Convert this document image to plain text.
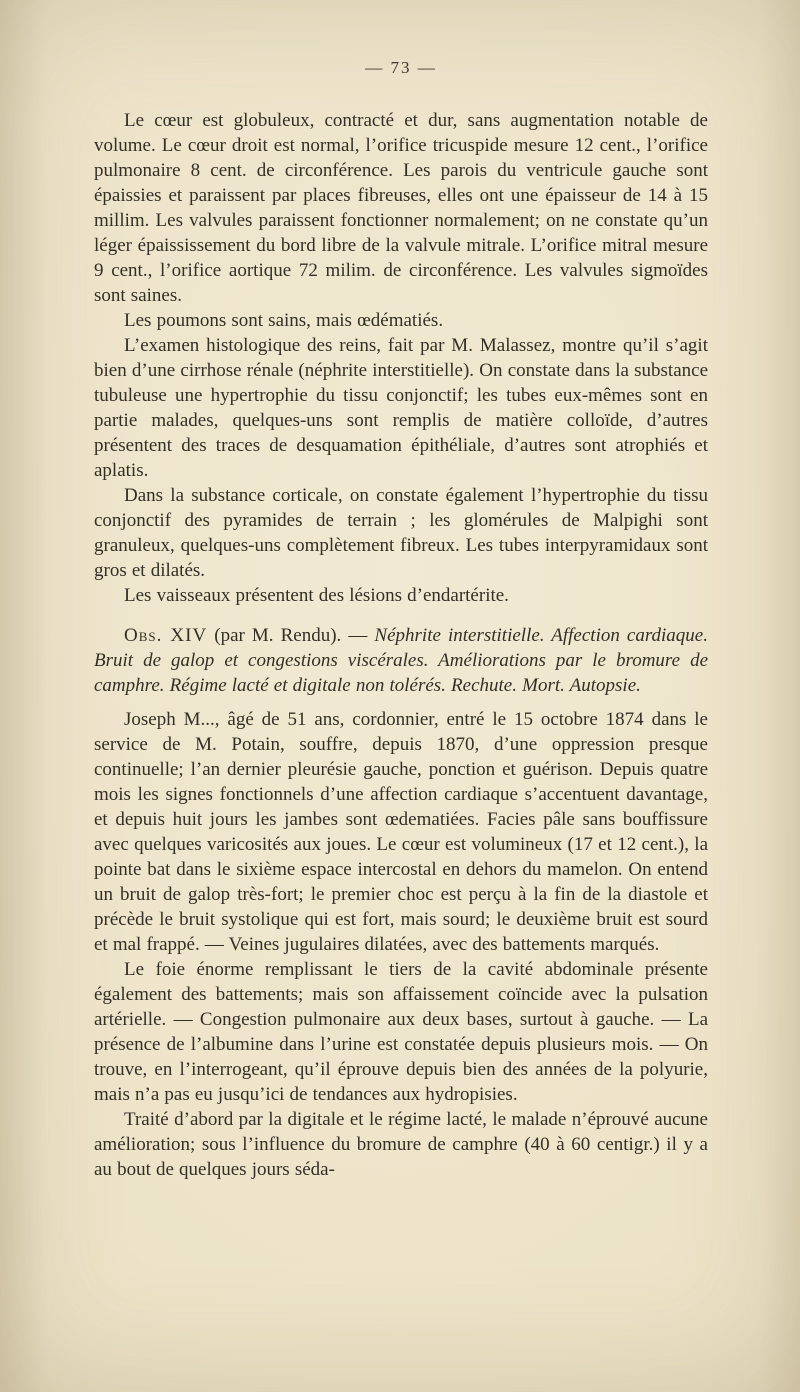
— 73 —

Le cœur est globuleux, contracté et dur, sans augmentation notable de volume. Le cœur droit est normal, l’orifice tricuspide mesure 12 cent., l’orifice pulmonaire 8 cent. de circonférence. Les parois du ventricule gauche sont épaissies et paraissent par places fibreuses, elles ont une épaisseur de 14 à 15 millim. Les valvules paraissent fonctionner normalement; on ne constate qu’un léger épaississement du bord libre de la valvule mitrale. L’orifice mitral mesure 9 cent., l’orifice aortique 72 milim. de circonférence. Les valvules sigmoïdes sont saines.

Les poumons sont sains, mais œdématiés.

L’examen histologique des reins, fait par M. Malassez, montre qu’il s’agit bien d’une cirrhose rénale (néphrite interstitielle). On constate dans la substance tubuleuse une hypertrophie du tissu conjonctif; les tubes eux-mêmes sont en partie malades, quelques-uns sont remplis de matière colloïde, d’autres présentent des traces de desquamation épithéliale, d’autres sont atrophiés et aplatis.

Dans la substance corticale, on constate également l’hypertrophie du tissu conjonctif des pyramides de terrain ; les glomérules de Malpighi sont granuleux, quelques-uns complètement fibreux. Les tubes interpyramidaux sont gros et dilatés.

Les vaisseaux présentent des lésions d’endartérite.

Obs. XIV (par M. Rendu). — Néphrite interstitielle. Affection cardiaque. Bruit de galop et congestions viscérales. Améliorations par le bromure de camphre. Régime lacté et digitale non tolérés. Rechute. Mort. Autopsie.

Joseph M..., âgé de 51 ans, cordonnier, entré le 15 octobre 1874 dans le service de M. Potain, souffre, depuis 1870, d’une oppression presque continuelle; l’an dernier pleurésie gauche, ponction et guérison. Depuis quatre mois les signes fonctionnels d’une affection cardiaque s’accentuent davantage, et depuis huit jours les jambes sont œdematiées. Facies pâle sans bouffissure avec quelques varicosités aux joues. Le cœur est volumineux (17 et 12 cent.), la pointe bat dans le sixième espace intercostal en dehors du mamelon. On entend un bruit de galop très-fort; le premier choc est perçu à la fin de la diastole et précède le bruit systolique qui est fort, mais sourd; le deuxième bruit est sourd et mal frappé. — Veines jugulaires dilatées, avec des battements marqués.

Le foie énorme remplissant le tiers de la cavité abdominale présente également des battements; mais son affaissement coïncide avec la pulsation artérielle. — Congestion pulmonaire aux deux bases, surtout à gauche. — La présence de l’albumine dans l’urine est constatée depuis plusieurs mois. — On trouve, en l’interrogeant, qu’il éprouve depuis bien des années de la polyurie, mais n’a pas eu jusqu’ici de tendances aux hydropisies.

Traité d’abord par la digitale et le régime lacté, le malade n’éprouvé aucune amélioration; sous l’influence du bromure de camphre (40 à 60 centigr.) il y a au bout de quelques jours séda-
